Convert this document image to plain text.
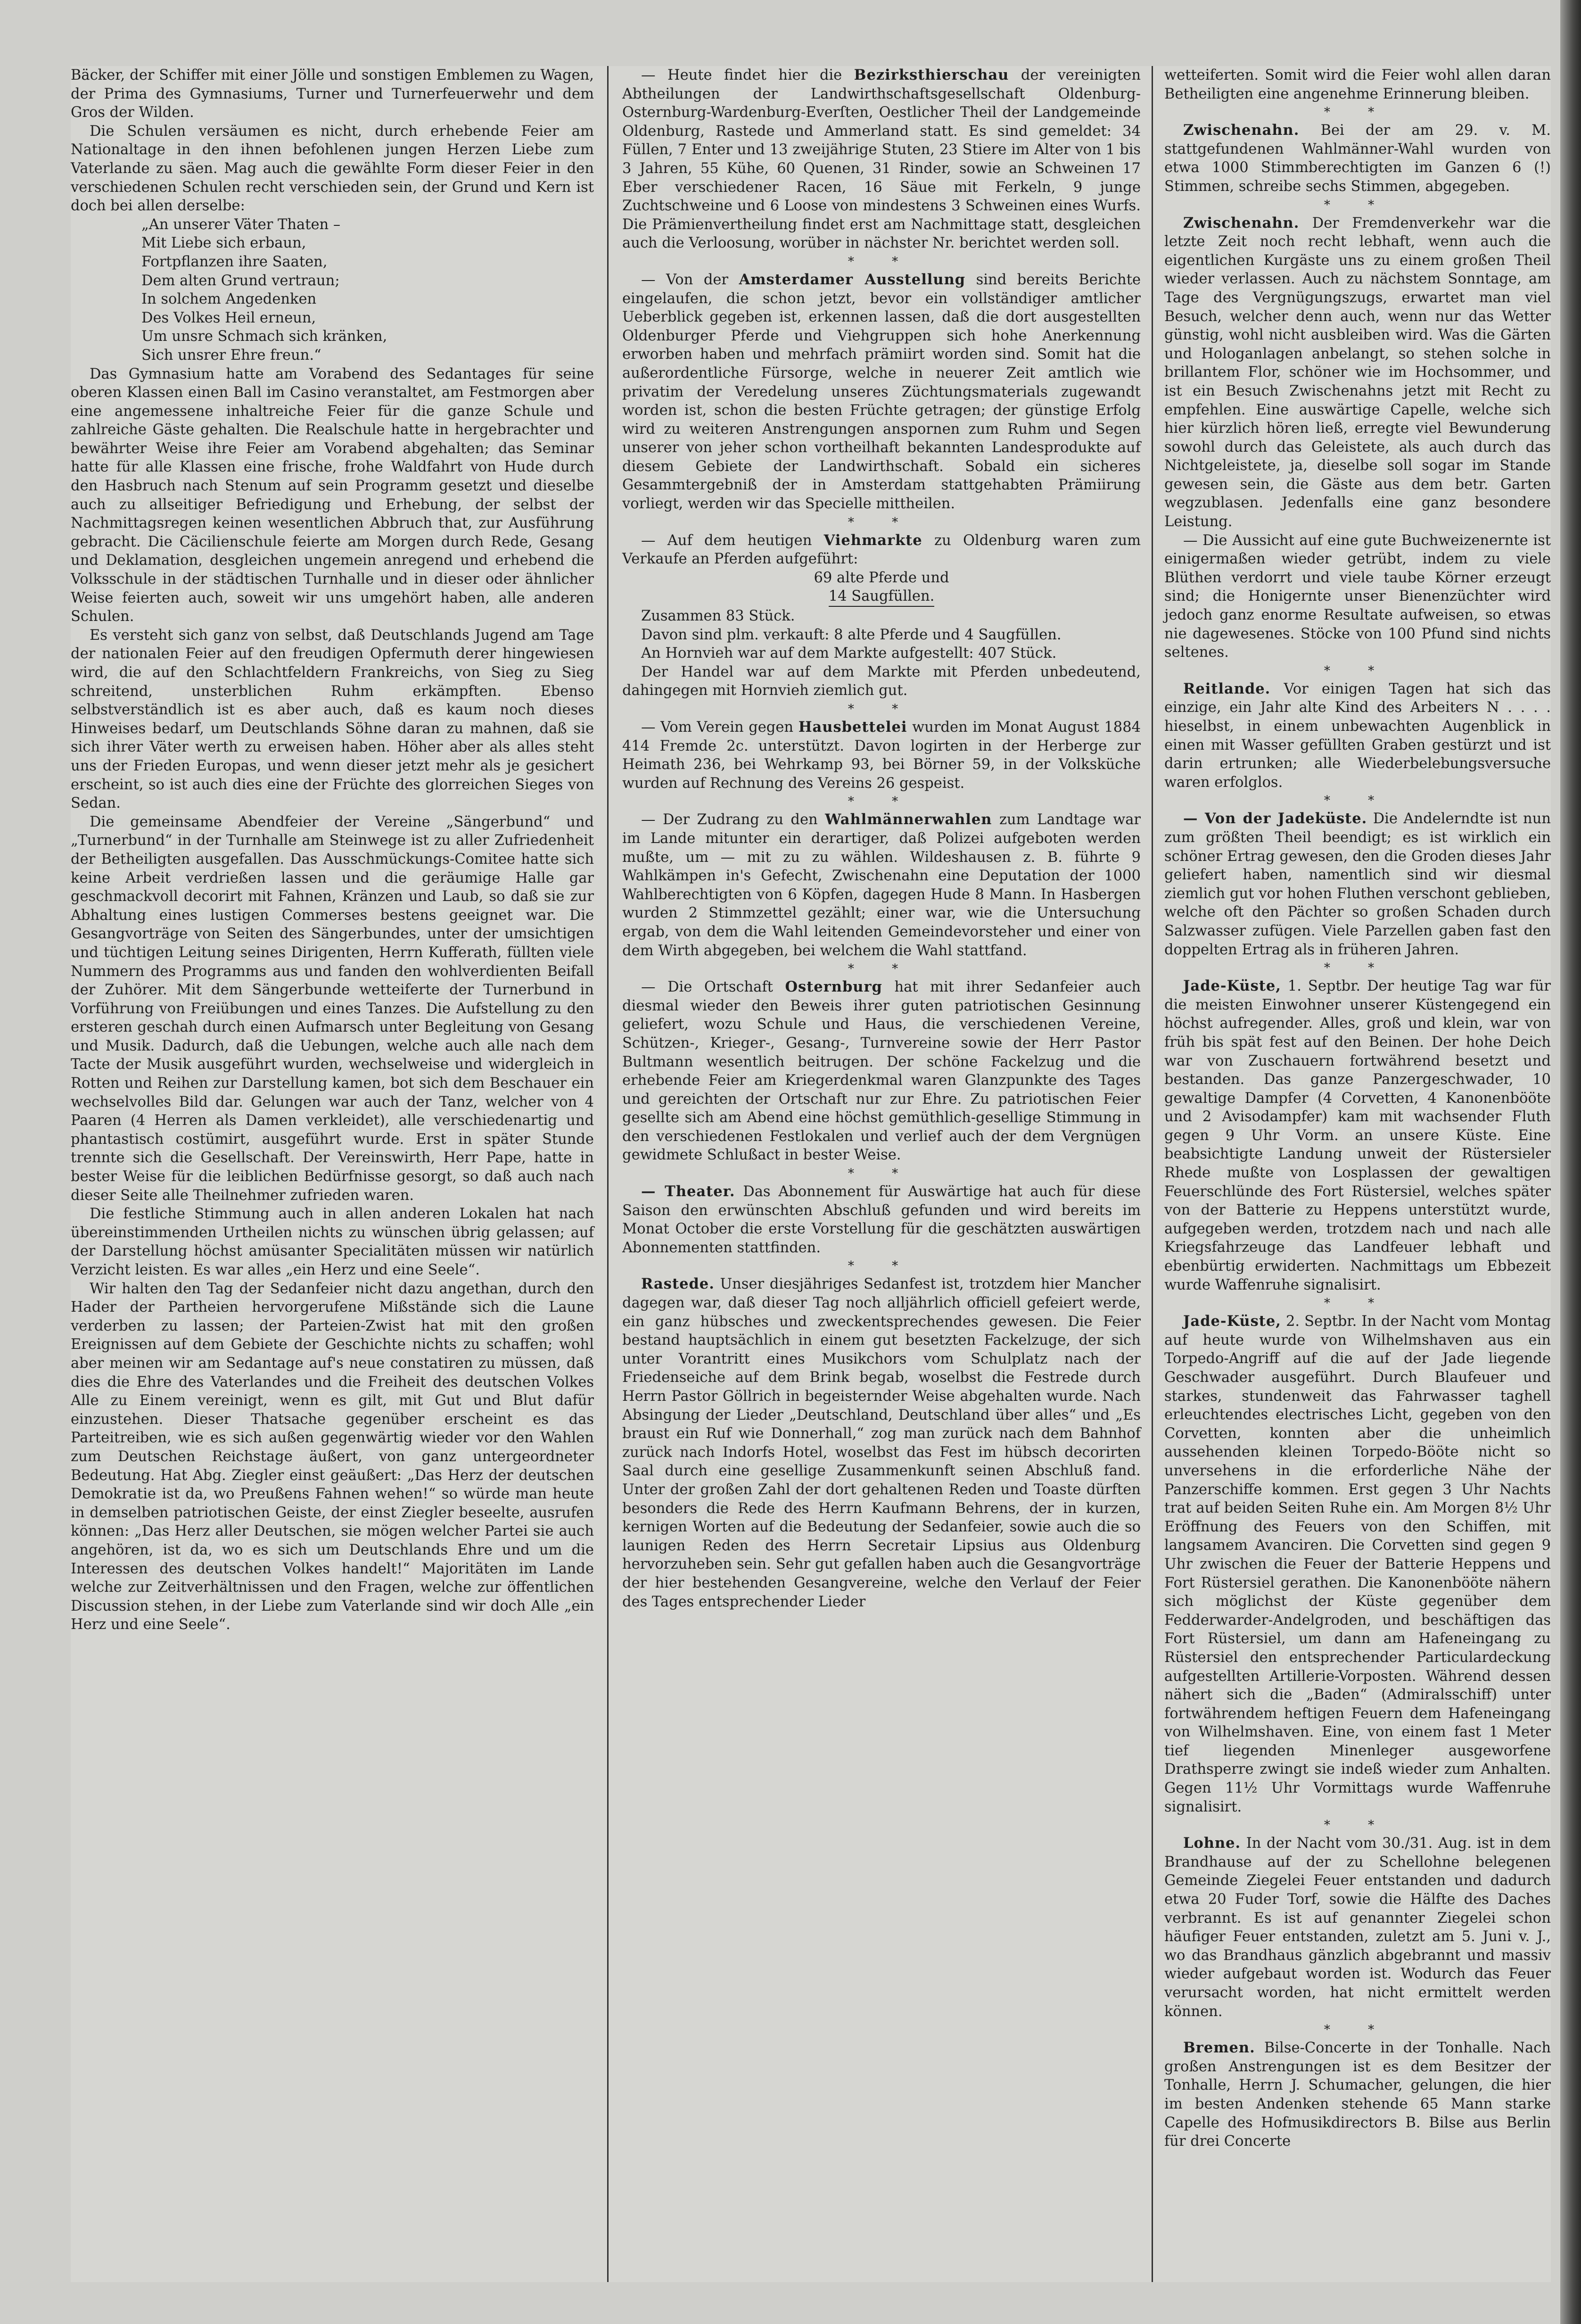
Bäcker, der Schiffer mit einer Jölle und sonstigen Emblemen zu Wagen, der Prima des Gymnasiums, Turner und Turnerfeuerwehr und dem Gros der Wilden.

Die Schulen versäumen es nicht, durch erhebende Feier am Nationaltage in den ihnen befohlenen jungen Herzen Liebe zum Vaterlande zu säen. Mag auch die gewählte Form dieser Feier in den verschiedenen Schulen recht verschieden sein, der Grund und Kern ist doch bei allen derselbe:

„An unserer Väter Thaten –
Mit Liebe sich erbaun,
Fortpflanzen ihre Saaten,
Dem alten Grund vertraun;
In solchem Angedenken
Des Volkes Heil erneun,
Um unsre Schmach sich kränken,
Sich unsrer Ehre freun.“

Das Gymnasium hatte am Vorabend des Sedantages für seine oberen Klassen einen Ball im Casino veranstaltet, am Festmorgen aber eine angemessene inhaltreiche Feier für die ganze Schule und zahlreiche Gäste gehalten. Die Realschule hatte in hergebrachter und bewährter Weise ihre Feier am Vorabend abgehalten; das Seminar hatte für alle Klassen eine frische, frohe Waldfahrt von Hude durch den Hasbruch nach Stenum auf sein Programm gesetzt und dieselbe auch zu allseitiger Befriedigung und Erhebung, der selbst der Nachmittagsregen keinen wesentlichen Abbruch that, zur Ausführung gebracht. Die Cäcilienschule feierte am Morgen durch Rede, Gesang und Deklamation, desgleichen ungemein anregend und erhebend die Volksschule in der städtischen Turnhalle und in dieser oder ähnlicher Weise feierten auch, soweit wir uns umgehört haben, alle anderen Schulen.

Es versteht sich ganz von selbst, daß Deutschlands Jugend am Tage der nationalen Feier auf den freudigen Opfermuth derer hingewiesen wird, die auf den Schlachtfeldern Frankreichs, von Sieg zu Sieg schreitend, unsterblichen Ruhm erkämpften. Ebenso selbstverständlich ist es aber auch, daß es kaum noch dieses Hinweises bedarf, um Deutschlands Söhne daran zu mahnen, daß sie sich ihrer Väter werth zu erweisen haben. Höher aber als alles steht uns der Frieden Europas, und wenn dieser jetzt mehr als je gesichert erscheint, so ist auch dies eine der Früchte des glorreichen Sieges von Sedan.

Die gemeinsame Abendfeier der Vereine „Sängerbund“ und „Turnerbund“ in der Turnhalle am Steinwege ist zu aller Zufriedenheit der Betheiligten ausgefallen. Das Ausschmückungs-Comitee hatte sich keine Arbeit verdrießen lassen und die geräumige Halle gar geschmackvoll decorirt mit Fahnen, Kränzen und Laub, so daß sie zur Abhaltung eines lustigen Commerses bestens geeignet war. Die Gesangvorträge von Seiten des Sängerbundes, unter der umsichtigen und tüchtigen Leitung seines Dirigenten, Herrn Kufferath, füllten viele Nummern des Programms aus und fanden den wohlverdienten Beifall der Zuhörer. Mit dem Sängerbunde wetteiferte der Turnerbund in Vorführung von Freiübungen und eines Tanzes. Die Aufstellung zu den ersteren geschah durch einen Aufmarsch unter Begleitung von Gesang und Musik. Dadurch, daß die Uebungen, welche auch alle nach dem Tacte der Musik ausgeführt wurden, wechselweise und widergleich in Rotten und Reihen zur Darstellung kamen, bot sich dem Beschauer ein wechselvolles Bild dar. Gelungen war auch der Tanz, welcher von 4 Paaren (4 Herren als Damen verkleidet), alle verschiedenartig und phantastisch costümirt, ausgeführt wurde. Erst in später Stunde trennte sich die Gesellschaft. Der Vereinswirth, Herr Pape, hatte in bester Weise für die leiblichen Bedürfnisse gesorgt, so daß auch nach dieser Seite alle Theilnehmer zufrieden waren.

Die festliche Stimmung auch in allen anderen Lokalen hat nach übereinstimmenden Urtheilen nichts zu wünschen übrig gelassen; auf der Darstellung höchst amüsanter Specialitäten müssen wir natürlich Verzicht leisten. Es war alles „ein Herz und eine Seele“.

Wir halten den Tag der Sedanfeier nicht dazu angethan, durch den Hader der Partheien hervorgerufene Mißstände sich die Laune verderben zu lassen; der Parteien-Zwist hat mit den großen Ereignissen auf dem Gebiete der Geschichte nichts zu schaffen; wohl aber meinen wir am Sedantage auf's neue constatiren zu müssen, daß dies die Ehre des Vaterlandes und die Freiheit des deutschen Volkes Alle zu Einem vereinigt, wenn es gilt, mit Gut und Blut dafür einzustehen. Dieser Thatsache gegenüber erscheint es das Parteitreiben, wie es sich außen gegenwärtig wieder vor den Wahlen zum Deutschen Reichstage äußert, von ganz untergeordneter Bedeutung. Hat Abg. Ziegler einst geäußert: „Das Herz der deutschen Demokratie ist da, wo Preußens Fahnen wehen!“ so würde man heute in demselben patriotischen Geiste, der einst Ziegler beseelte, ausrufen können: „Das Herz aller Deutschen, sie mögen welcher Partei sie auch angehören, ist da, wo es sich um Deutschlands Ehre und um die Interessen des deutschen Volkes handelt!“ Majoritäten im Lande welche zur Zeitverhältnissen und den Fragen, welche zur öffentlichen Discussion stehen, in der Liebe zum Vaterlande sind wir doch Alle „ein Herz und eine Seele“.

— Heute findet hier die Bezirksthierschau der vereinigten Abtheilungen der Landwirthschaftsgesellschaft Oldenburg-Osternburg-Wardenburg-Everſten, Oestlicher Theil der Landgemeinde Oldenburg, Rastede und Ammerland statt. Es sind gemeldet: 34 Füllen, 7 Enter und 13 zweijährige Stuten, 23 Stiere im Alter von 1 bis 3 Jahren, 55 Kühe, 60 Quenen, 31 Rinder, sowie an Schweinen 17 Eber verschiedener Racen, 16 Säue mit Ferkeln, 9 junge Zuchtschweine und 6 Loose von mindestens 3 Schweinen eines Wurfs. Die Prämienvertheilung findet erst am Nachmittage statt, desgleichen auch die Verloosung, worüber in nächster Nr. berichtet werden soll.

* *

— Von der Amsterdamer Ausstellung sind bereits Berichte eingelaufen, die schon jetzt, bevor ein vollständiger amtlicher Ueberblick gegeben ist, erkennen lassen, daß die dort ausgestellten Oldenburger Pferde und Viehgruppen sich hohe Anerkennung erworben haben und mehrfach prämiirt worden sind. Somit hat die außerordentliche Fürsorge, welche in neuerer Zeit amtlich wie privatim der Veredelung unseres Züchtungsmaterials zugewandt worden ist, schon die besten Früchte getragen; der günstige Erfolg wird zu weiteren Anstrengungen anspornen zum Ruhm und Segen unserer von jeher schon vortheilhaft bekannten Landesprodukte auf diesem Gebiete der Landwirthschaft. Sobald ein sicheres Gesammtergebniß der in Amsterdam stattgehabten Prämiirung vorliegt, werden wir das Specielle mittheilen.

* *

— Auf dem heutigen Viehmarkte zu Oldenburg waren zum Verkaufe an Pferden aufgeführt:

69 alte Pferde und

14 Saugfüllen.

Zusammen 83 Stück.

Davon sind plm. verkauft: 8 alte Pferde und 4 Saugfüllen.

An Hornvieh war auf dem Markte aufgestellt: 407 Stück.

Der Handel war auf dem Markte mit Pferden unbedeutend, dahingegen mit Hornvieh ziemlich gut.

* *

— Vom Verein gegen Hausbettelei wurden im Monat August 1884 414 Fremde 2c. unterstützt. Davon logirten in der Herberge zur Heimath 236, bei Wehrkamp 93, bei Börner 59, in der Volksküche wurden auf Rechnung des Vereins 26 gespeist.

* *

— Der Zudrang zu den Wahlmännerwahlen zum Landtage war im Lande mitunter ein derartiger, daß Polizei aufgeboten werden mußte, um — mit zu zu wählen. Wildeshausen z. B. führte 9 Wahlkämpen in's Gefecht, Zwischenahn eine Deputation der 1000 Wahlberechtigten von 6 Köpfen, dagegen Hude 8 Mann. In Hasbergen wurden 2 Stimmzettel gezählt; einer war, wie die Untersuchung ergab, von dem die Wahl leitenden Gemeindevorsteher und einer von dem Wirth abgegeben, bei welchem die Wahl stattfand.

* *

— Die Ortschaft Osternburg hat mit ihrer Sedanfeier auch diesmal wieder den Beweis ihrer guten patriotischen Gesinnung geliefert, wozu Schule und Haus, die verschiedenen Vereine, Schützen-, Krieger-, Gesang-, Turnvereine sowie der Herr Pastor Bultmann wesentlich beitrugen. Der schöne Fackelzug und die erhebende Feier am Kriegerdenkmal waren Glanzpunkte des Tages und gereichten der Ortschaft nur zur Ehre. Zu patriotischen Feier gesellte sich am Abend eine höchst gemüthlich-gesellige Stimmung in den verschiedenen Festlokalen und verlief auch der dem Vergnügen gewidmete Schlußact in bester Weise.

* *

— Theater. Das Abonnement für Auswärtige hat auch für diese Saison den erwünschten Abschluß gefunden und wird bereits im Monat October die erste Vorstellung für die geschätzten auswärtigen Abonnementen stattfinden.

* *

Rastede. Unser diesjähriges Sedanfest ist, trotzdem hier Mancher dagegen war, daß dieser Tag noch alljährlich officiell gefeiert werde, ein ganz hübsches und zweckentsprechendes gewesen. Die Feier bestand hauptsächlich in einem gut besetzten Fackelzuge, der sich unter Vorantritt eines Musikchors vom Schulplatz nach der Friedenseiche auf dem Brink begab, woselbst die Festrede durch Herrn Pastor Göllrich in begeisternder Weise abgehalten wurde. Nach Absingung der Lieder „Deutschland, Deutschland über alles“ und „Es braust ein Ruf wie Donnerhall,“ zog man zurück nach dem Bahnhof zurück nach Indorfs Hotel, woselbst das Fest im hübsch decorirten Saal durch eine gesellige Zusammenkunft seinen Abschluß fand. Unter der großen Zahl der dort gehaltenen Reden und Toaste dürften besonders die Rede des Herrn Kaufmann Behrens, der in kurzen, kernigen Worten auf die Bedeutung der Sedanfeier, sowie auch die so launigen Reden des Herrn Secretair Lipsius aus Oldenburg hervorzuheben sein. Sehr gut gefallen haben auch die Gesangvorträge der hier bestehenden Gesangvereine, welche den Verlauf der Feier des Tages entsprechender Lieder

wetteiferten. Somit wird die Feier wohl allen daran Betheiligten eine angenehme Erinnerung bleiben.

* *

Zwischenahn. Bei der am 29. v. M. stattgefundenen Wahlmänner-Wahl wurden von etwa 1000 Stimmberechtigten im Ganzen 6 (!) Stimmen, schreibe sechs Stimmen, abgegeben.

* *

Zwischenahn. Der Fremdenverkehr war die letzte Zeit noch recht lebhaft, wenn auch die eigentlichen Kurgäste uns zu einem großen Theil wieder verlassen. Auch zu nächstem Sonntage, am Tage des Vergnügungszugs, erwartet man viel Besuch, welcher denn auch, wenn nur das Wetter günstig, wohl nicht ausbleiben wird. Was die Gärten und Hologanlagen anbelangt, so stehen solche in brillantem Flor, schöner wie im Hochsommer, und ist ein Besuch Zwischenahns jetzt mit Recht zu empfehlen. Eine auswärtige Capelle, welche sich hier kürzlich hören ließ, erregte viel Bewunderung sowohl durch das Geleistete, als auch durch das Nichtgeleistete, ja, dieselbe soll sogar im Stande gewesen sein, die Gäste aus dem betr. Garten wegzublasen. Jedenfalls eine ganz besondere Leistung.

— Die Aussicht auf eine gute Buchweizenernte ist einigermaßen wieder getrübt, indem zu viele Blüthen verdorrt und viele taube Körner erzeugt sind; die Honigernte unser Bienenzüchter wird jedoch ganz enorme Resultate aufweisen, so etwas nie dagewesenes. Stöcke von 100 Pfund sind nichts seltenes.

* *

Reitlande. Vor einigen Tagen hat sich das einzige, ein Jahr alte Kind des Arbeiters N . . . . hieselbst, in einem unbewachten Augenblick in einen mit Wasser gefüllten Graben gestürzt und ist darin ertrunken; alle Wiederbelebungsversuche waren erfolglos.

* *

— Von der Jadeküste. Die Andelerndte ist nun zum größten Theil beendigt; es ist wirklich ein schöner Ertrag gewesen, den die Groden dieses Jahr geliefert haben, namentlich sind wir diesmal ziemlich gut vor hohen Fluthen verschont geblieben, welche oft den Pächter so großen Schaden durch Salzwasser zufügen. Viele Parzellen gaben fast den doppelten Ertrag als in früheren Jahren.

* *

Jade-Küste, 1. Septbr. Der heutige Tag war für die meisten Einwohner unserer Küstengegend ein höchst aufregender. Alles, groß und klein, war von früh bis spät fest auf den Beinen. Der hohe Deich war von Zuschauern fortwährend besetzt und bestanden. Das ganze Panzergeschwader, 10 gewaltige Dampfer (4 Corvetten, 4 Kanonenbööte und 2 Avisodampfer) kam mit wachsender Fluth gegen 9 Uhr Vorm. an unsere Küste. Eine beabsichtigte Landung unweit der Rüstersieler Rhede mußte von Losplassen der gewaltigen Feuerschlünde des Fort Rüstersiel, welches später von der Batterie zu Heppens unterstützt wurde, aufgegeben werden, trotzdem nach und nach alle Kriegsfahrzeuge das Landfeuer lebhaft und ebenbürtig erwiderten. Nachmittags um Ebbezeit wurde Waffenruhe signalisirt.

* *

Jade-Küste, 2. Septbr. In der Nacht vom Montag auf heute wurde von Wilhelmshaven aus ein Torpedo-Angriff auf die auf der Jade liegende Geschwader ausgeführt. Durch Blaufeuer und starkes, stundenweit das Fahrwasser taghell erleuchtendes electrisches Licht, gegeben von den Corvetten, konnten aber die unheimlich aussehenden kleinen Torpedo-Bööte nicht so unversehens in die erforderliche Nähe der Panzerschiffe kommen. Erst gegen 3 Uhr Nachts trat auf beiden Seiten Ruhe ein. Am Morgen 8½ Uhr Eröffnung des Feuers von den Schiffen, mit langsamem Avanciren. Die Corvetten sind gegen 9 Uhr zwischen die Feuer der Batterie Heppens und Fort Rüstersiel gerathen. Die Kanonenbööte nähern sich möglichst der Küste gegenüber dem Fedderwarder-Andelgroden, und beschäftigen das Fort Rüstersiel, um dann am Hafeneingang zu Rüstersiel den entsprechender Particulardeckung aufgestellten Artillerie-Vorposten. Während dessen nähert sich die „Baden“ (Admiralsschiff) unter fortwährendem heftigen Feuern dem Hafeneingang von Wilhelmshaven. Eine, von einem fast 1 Meter tief liegenden Minenleger ausgeworfene Drathsperre zwingt sie indeß wieder zum Anhalten. Gegen 11½ Uhr Vormittags wurde Waffenruhe signalisirt.

* *

Lohne. In der Nacht vom 30./31. Aug. ist in dem Brandhause auf der zu Schellohne belegenen Gemeinde Ziegelei Feuer entstanden und dadurch etwa 20 Fuder Torf, sowie die Hälfte des Daches verbrannt. Es ist auf genannter Ziegelei schon häufiger Feuer entstanden, zuletzt am 5. Juni v. J., wo das Brandhaus gänzlich abgebrannt und massiv wieder aufgebaut worden ist. Wodurch das Feuer verursacht worden, hat nicht ermittelt werden können.

* *

Bremen. Bilse-Concerte in der Tonhalle. Nach großen Anstrengungen ist es dem Besitzer der Tonhalle, Herrn J. Schumacher, gelungen, die hier im besten Andenken stehende 65 Mann starke Capelle des Hofmusikdirectors B. Bilse aus Berlin für drei Concerte
